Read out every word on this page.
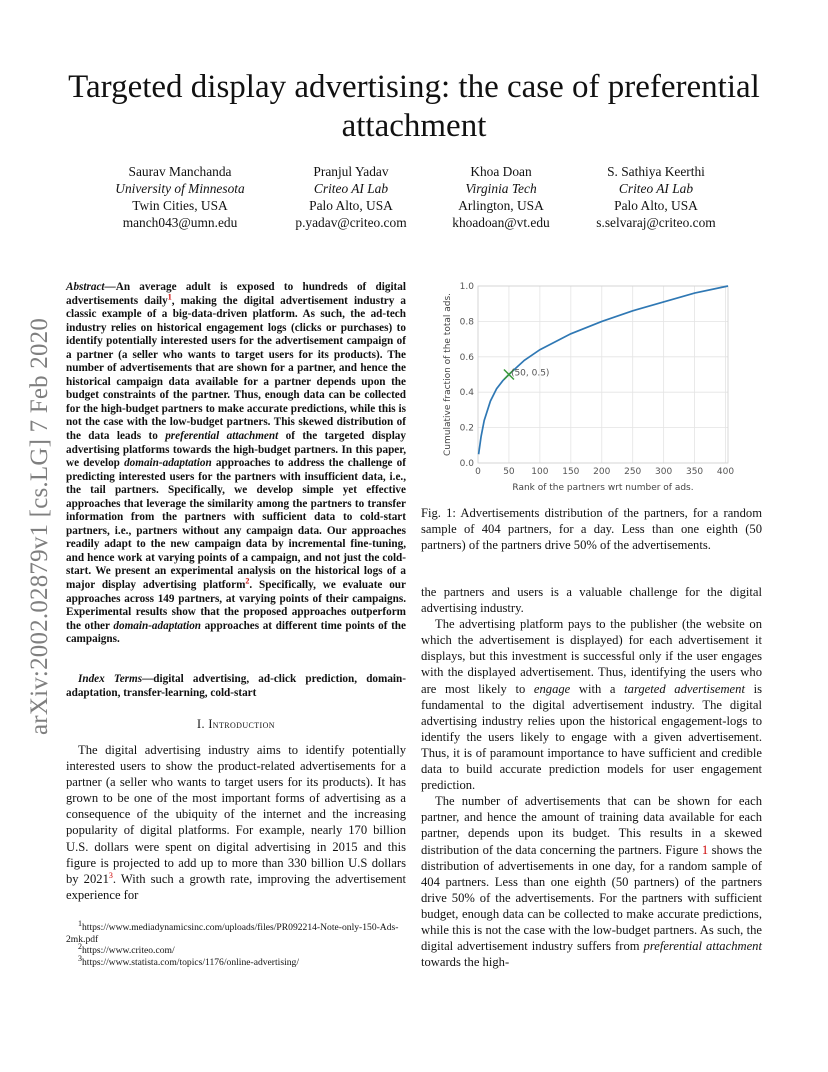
Targeted display advertising: the case of preferential attachment
Saurav Manchanda
University of Minnesota
Twin Cities, USA
manch043@umn.edu
Pranjul Yadav
Criteo AI Lab
Palo Alto, USA
p.yadav@criteo.com
Khoa Doan
Virginia Tech
Arlington, USA
khoadoan@vt.edu
S. Sathiya Keerthi
Criteo AI Lab
Palo Alto, USA
s.selvaraj@criteo.com
arXiv:2002.02879v1 [cs.LG] 7 Feb 2020
Abstract—An average adult is exposed to hundreds of digital advertisements daily$^1$, making the digital advertisement industry a classic example of a big-data-driven platform. As such, the ad-tech industry relies on historical engagement logs (clicks or purchases) to identify potentially interested users for the advertisement campaign of a partner (a seller who wants to target users for its products). The number of advertisements that are shown for a partner, and hence the historical campaign data available for a partner depends upon the budget constraints of the partner. Thus, enough data can be collected for the high-budget partners to make accurate predictions, while this is not the case with the low-budget partners. This skewed distribution of the data leads to preferential attachment of the targeted display advertising platforms towards the high-budget partners. In this paper, we develop domain-adaptation approaches to address the challenge of predicting interested users for the partners with insufficient data, i.e., the tail partners. Specifically, we develop simple yet effective approaches that leverage the similarity among the partners to transfer information from the partners with sufficient data to cold-start partners, i.e., partners without any campaign data. Our approaches readily adapt to the new campaign data by incremental fine-tuning, and hence work at varying points of a campaign, and not just the cold-start. We present an experimental analysis on the historical logs of a major display advertising platform$^2$. Specifically, we evaluate our approaches across 149 partners, at varying points of their campaigns. Experimental results show that the proposed approaches outperform the other domain-adaptation approaches at different time points of the campaigns.
Index Terms—digital advertising, ad-click prediction, domain-adaptation, transfer-learning, cold-start
I. Introduction
The digital advertising industry aims to identify potentially interested users to show the product-related advertisements for a partner (a seller who wants to target users for its products). It has grown to be one of the most important forms of advertising as a consequence of the ubiquity of the internet and the increasing popularity of digital platforms. For example, nearly 170 billion U.S. dollars were spent on digital advertising in 2015 and this figure is projected to add up to more than 330 billion U.S dollars by 2021$^3$. With such a growth rate, improving the advertisement experience for
$^1$https://www.mediadynamicsinc.com/uploads/files/PR092214-Note-only-150-Ads-2mk.pdf
$^2$https://www.criteo.com/
$^3$https://www.statista.com/topics/1176/online-advertising/
0 50 100 150 200 250 300 350 400
0.0
0.2
0.4
0.6
0.8
1.0
(50, 0.5)
Rank of the partners wrt number of ads.
Cumulative fraction of the total ads.
Fig. 1: Advertisements distribution of the partners, for a random sample of 404 partners, for a day. Less than one eighth (50 partners) of the partners drive 50% of the advertisements.

the partners and users is a valuable challenge for the digital advertising industry.

The advertising platform pays to the publisher (the website on which the advertisement is displayed) for each advertisement it displays, but this investment is successful only if the user engages with the displayed advertisement. Thus, identifying the users who are most likely to engage with a targeted advertisement is fundamental to the digital advertisement industry. The digital advertising industry relies upon the historical engagement-logs to identify the users likely to engage with a given advertisement. Thus, it is of paramount importance to have sufficient and credible data to build accurate prediction models for user engagement prediction.

The number of advertisements that can be shown for each partner, and hence the amount of training data available for each partner, depends upon its budget. This results in a skewed distribution of the data concerning the partners. Figure 1 shows the distribution of advertisements in one day, for a random sample of 404 partners. Less than one eighth (50 partners) of the partners drive 50% of the advertisements. For the partners with sufficient budget, enough data can be collected to make accurate predictions, while this is not the case with the low-budget partners. As such, the digital advertisement industry suffers from preferential attachment towards the high-
